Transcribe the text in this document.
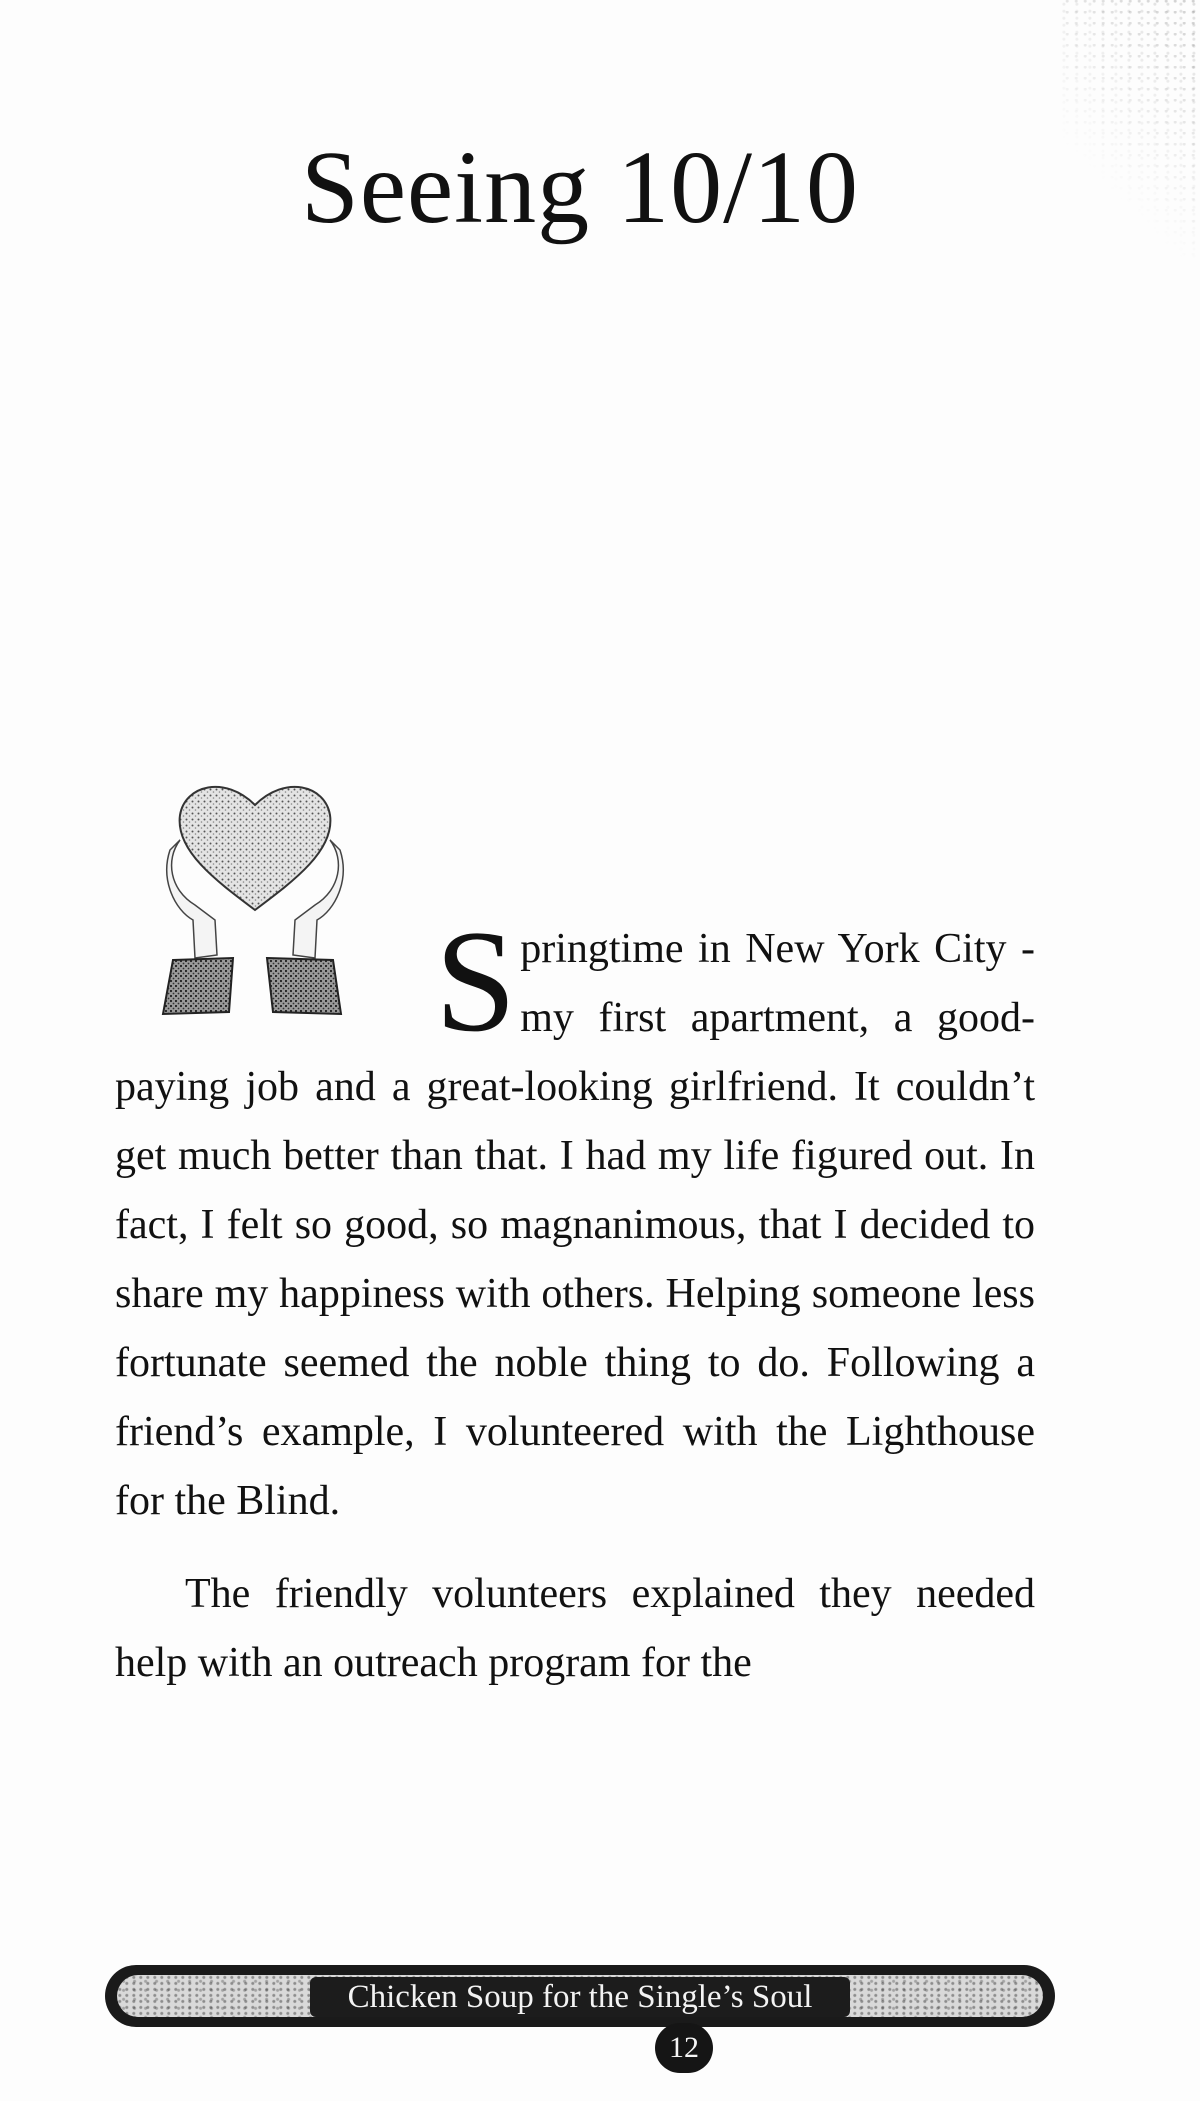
Seeing 10/10

Springtime in New York City - my first apartment, a good-paying job and a great-looking girlfriend. It couldn’t get much better than that. I had my life figured out. In fact, I felt so good, so magnanimous, that I decided to share my happiness with others. Helping someone less fortunate seemed the noble thing to do. Following a friend’s example, I volunteered with the Lighthouse for the Blind.

The friendly volunteers explained they needed help with an outreach program for the

Chicken Soup for the Single’s Soul
12
